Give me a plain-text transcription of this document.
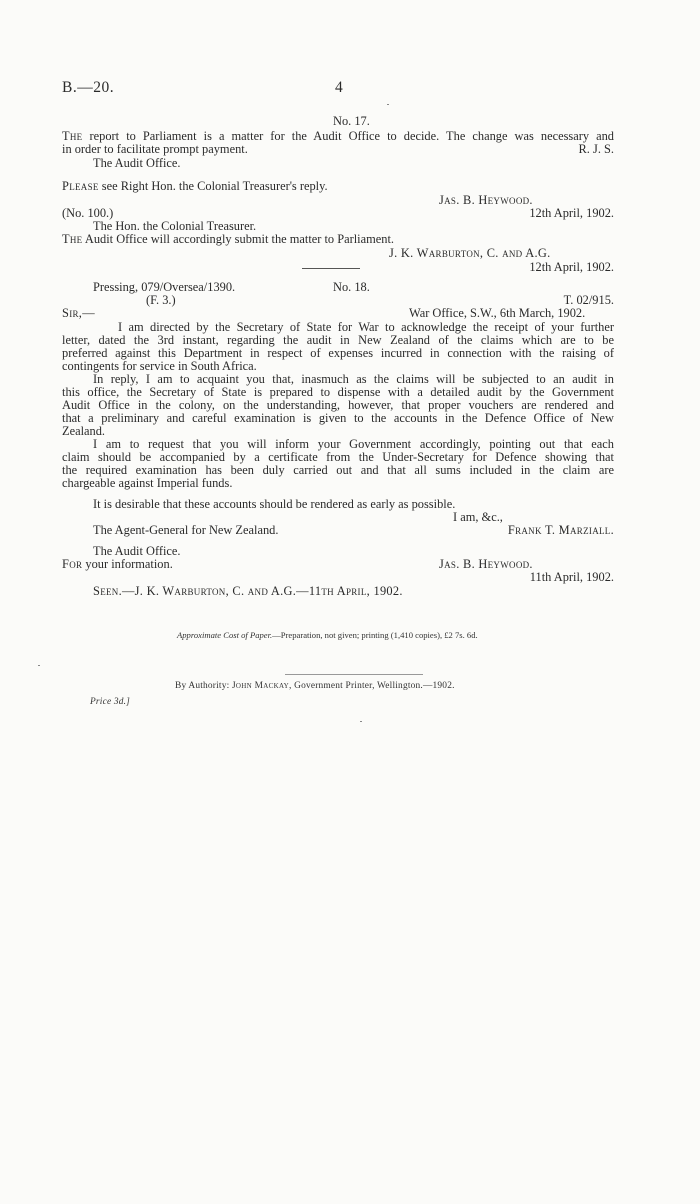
B.—20.	4
No. 17.
The report to Parliament is a matter for the Audit Office to decide. The change was necessary and
in order to facilitate prompt payment.	R. J. S.
The Audit Office.
Please see Right Hon. the Colonial Treasurer's reply.
Jas. B. Heywood.
(No. 100.)	12th April, 1902.
The Hon. the Colonial Treasurer.
The Audit Office will accordingly submit the matter to Parliament.
J. K. Warburton, C. and A.G.
12th April, 1902.
Pressing, 079/Oversea/1390.	No. 18.
(F. 3.)	T. 02/915.
Sir,—	War Office, S.W., 6th March, 1902.
I am directed by the Secretary of State for War to acknowledge the receipt of your further
letter, dated the 3rd instant, regarding the audit in New Zealand of the claims which are to be
preferred against this Department in respect of expenses incurred in connection with the raising of
contingents for service in South Africa.
In reply, I am to acquaint you that, inasmuch as the claims will be subjected to an audit in
this office, the Secretary of State is prepared to dispense with a detailed audit by the Government
Audit Office in the colony, on the understanding, however, that proper vouchers are rendered and
that a preliminary and careful examination is given to the accounts in the Defence Office of New
Zealand.
I am to request that you will inform your Government accordingly, pointing out that each
claim should be accompanied by a certificate from the Under-Secretary for Defence showing that
the required examination has been duly carried out and that all sums included in the claim are
chargeable against Imperial funds.
It is desirable that these accounts should be rendered as early as possible.
I am, &c.,
The Agent-General for New Zealand.	Frank T. Marziall.
The Audit Office.
For your information.	Jas. B. Heywood.
11th April, 1902.
Seen.—J. K. Warburton, C. and A.G.—11th April, 1902.
Approximate Cost of Paper.—Preparation, not given; printing (1,410 copies), £2 7s. 6d.
By Authority: John Mackay, Government Printer, Wellington.—1902.
Price 3d.]
